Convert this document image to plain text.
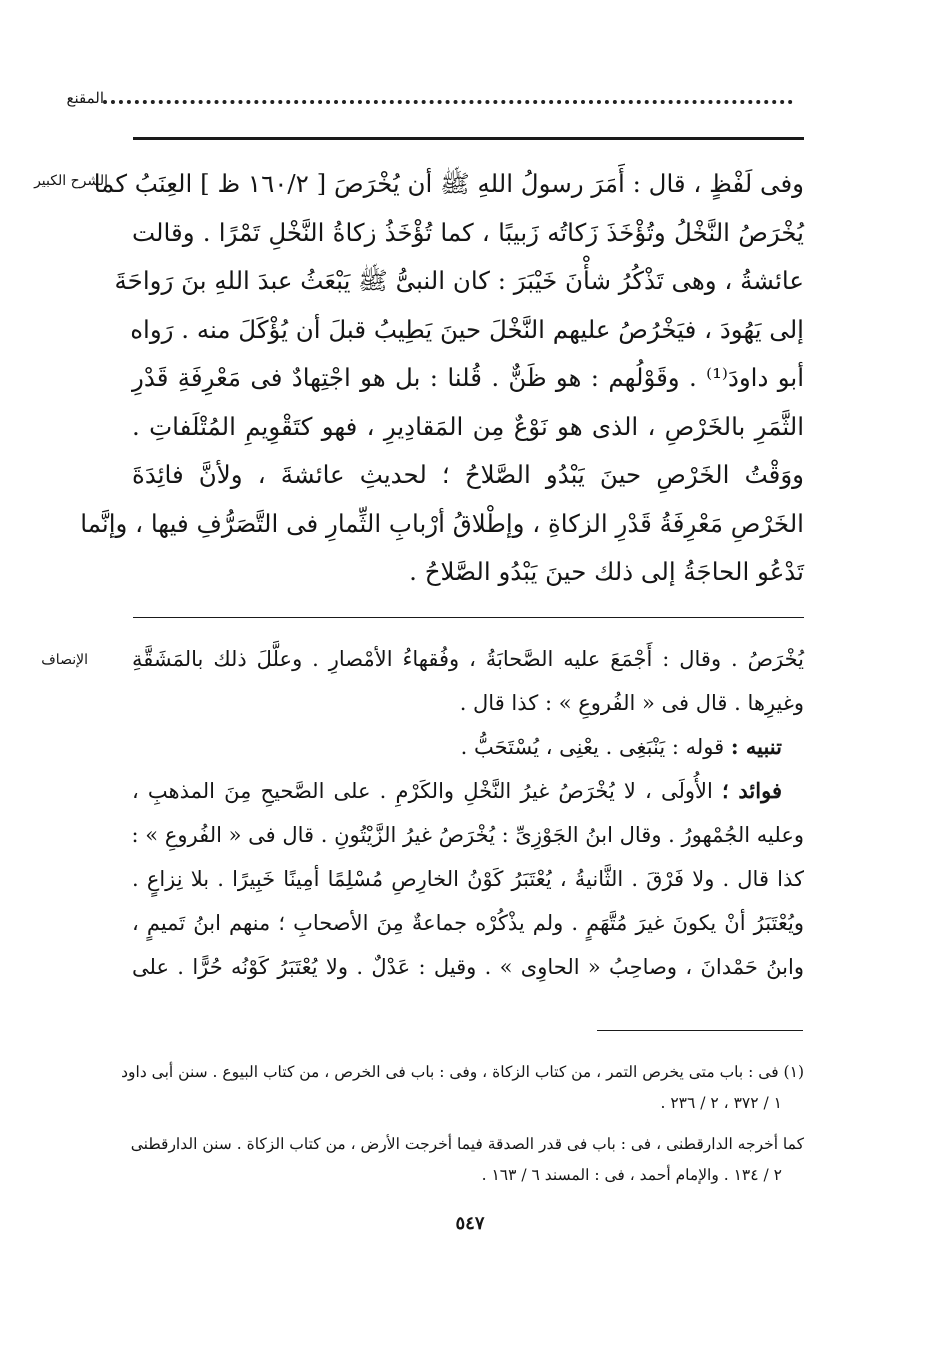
المقنع
الشرح الكبير
وفى لَفْظٍ ، قال : أَمَرَ رسولُ اللهِ ﷺ أن يُخْرَصَ [ ١٦٠/٢ ظ ] العِنَبُ كما
يُخْرَصُ النَّخْلُ وتُؤْخَذَ زَكاتُه زَبيبًا ، كما تُؤْخَذُ زكاةُ النَّخْلِ تَمْرًا . وقالت
عائشةُ ، وهى تَذْكُرُ شأْنَ خَيْبَرَ : كان النبىُّ ﷺ يَبْعَثُ عبدَ اللهِ بنَ رَواحَةَ
إلى يَهُودَ ، فيَخْرُصُ عليهم النَّخْلَ حينَ يَطِيبُ قبلَ أن يُؤْكَلَ منه . رَواه
أبو داودَ⁽¹⁾ . وقَوْلُهم : هو ظَنٌّ . قُلنا : بل هو اجْتِهادٌ فى مَعْرِفَةِ قَدْرِ
الثَّمَرِ بالخَرْصِ ، الذى هو نَوْعٌ مِن المَقادِيرِ ، فهو كتَقْوِيمِ المُتْلَفاتِ .
ووَقْتُ الخَرْصِ حينَ يَبْدُو الصَّلاحُ ؛ لحديثِ عائشةَ ، ولأنَّ فائِدَةَ
الخَرْصِ مَعْرِفَةُ قَدْرِ الزكاةِ ، وإطْلاقُ أرْبابِ الثِّمارِ فى التَّصَرُّفِ فيها ، وإنَّما
تَدْعُو الحاجَةُ إلى ذلك حينَ يَبْدُو الصَّلاحُ .
الإنصاف يُخْرَصُ . وقال : أَجْمَعَ عليه الصَّحابَةُ ، وفُقهاءُ الأمْصارِ . وعلَّلَ ذلك بالمَشَقَّةِ
وغيرِها . قال فى « الفُروعِ » : كذا قال .
تنبيه : قوله : يَنْبَغِى . يعْنِى ، يُسْتَحَبُّ .
فوائد ؛ الأُولَى ، لا يُخْرَصُ غيرُ النَّخْلِ والكَرْمِ . على الصَّحيحِ مِنَ المذهبِ ،
وعليه الجُمْهورُ . وقال ابنُ الجَوْزِىِّ : يُخْرَصُ غيرُ الزَّيْتُونِ . قال فى « الفُروعِ » :
كذا قال . ولا فَرْقَ . الثَّانيةُ ، يُعْتَبَرُ كَوْنُ الخارِصِ مُسْلِمًا أمِينًا خَبِيرًا . بلا نِزاعٍ .
ويُعْتَبَرُ أنْ يكونَ غيرَ مُتَّهَمٍ . ولم يذْكُرْه جماعةٌ مِنَ الأصحابِ ؛ منهم ابنُ تَميمٍ ،
وابنُ حَمْدانَ ، وصاحِبُ « الحاوِى » . وقيل : عَدْلٌ . ولا يُعْتَبَرُ كَوْنُه حُرًّا . على
(١) فى : باب متى يخرص التمر ، من كتاب الزكاة ، وفى : باب فى الخرص ، من كتاب البيوع . سنن أبى داود
١ / ٣٧٢ ، ٢ / ٢٣٦ .
كما أخرجه الدارقطنى ، فى : باب فى قدر الصدقة فيما أخرجت الأرض ، من كتاب الزكاة . سنن الدارقطنى
٢ / ١٣٤ . والإمام أحمد ، فى : المسند ٦ / ١٦٣ .
٥٤٧
